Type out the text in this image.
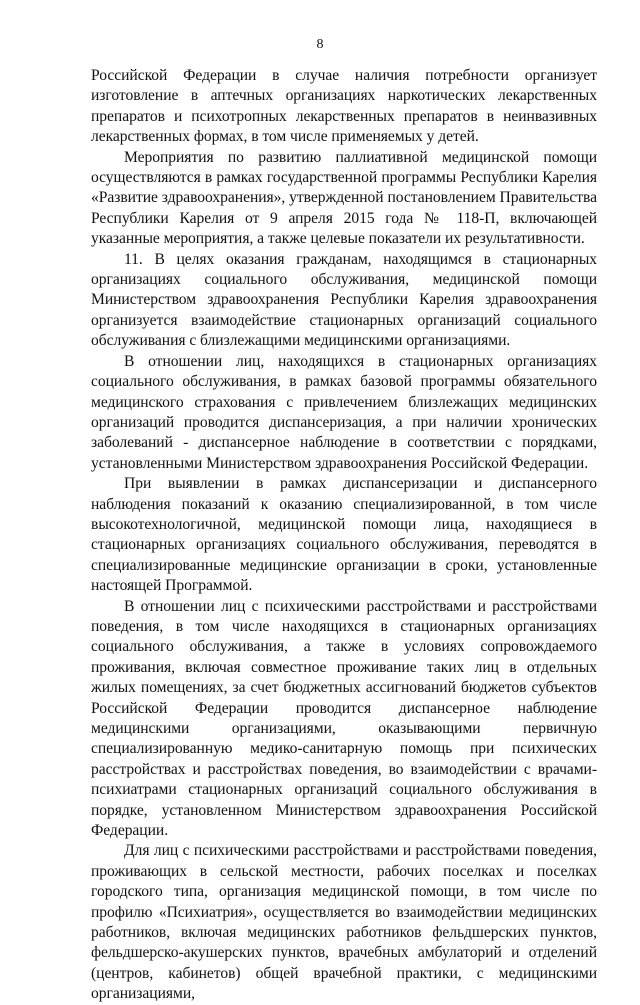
8

Российской Федерации в случае наличия потребности организует изготовление в аптечных организациях наркотических лекарственных препаратов и психотропных лекарственных препаратов в неинвазивных лекарственных формах, в том числе применяемых у детей.

Мероприятия по развитию паллиативной медицинской помощи осуществляются в рамках государственной программы Республики Карелия «Развитие здравоохранения», утвержденной постановлением Правительства Республики Карелия от 9 апреля 2015 года № 118-П, включающей указанные мероприятия, а также целевые показатели их результативности.

11. В целях оказания гражданам, находящимся в стационарных организациях социального обслуживания, медицинской помощи Министерством здравоохранения Республики Карелия здравоохранения организуется взаимодействие стационарных организаций социального обслуживания с близлежащими медицинскими организациями.

В отношении лиц, находящихся в стационарных организациях социального обслуживания, в рамках базовой программы обязательного медицинского страхования с привлечением близлежащих медицинских организаций проводится диспансеризация, а при наличии хронических заболеваний - диспансерное наблюдение в соответствии с порядками, установленными Министерством здравоохранения Российской Федерации.

При выявлении в рамках диспансеризации и диспансерного наблюдения показаний к оказанию специализированной, в том числе высокотехнологичной, медицинской помощи лица, находящиеся в стационарных организациях социального обслуживания, переводятся в специализированные медицинские организации в сроки, установленные настоящей Программой.

В отношении лиц с психическими расстройствами и расстройствами поведения, в том числе находящихся в стационарных организациях социального обслуживания, а также в условиях сопровождаемого проживания, включая совместное проживание таких лиц в отдельных жилых помещениях, за счет бюджетных ассигнований бюджетов субъектов Российской Федерации проводится диспансерное наблюдение медицинскими организациями, оказывающими первичную специализированную медико-санитарную помощь при психических расстройствах и расстройствах поведения, во взаимодействии с врачами-психиатрами стационарных организаций социального обслуживания в порядке, установленном Министерством здравоохранения Российской Федерации.

Для лиц с психическими расстройствами и расстройствами поведения, проживающих в сельской местности, рабочих поселках и поселках городского типа, организация медицинской помощи, в том числе по профилю «Психиатрия», осуществляется во взаимодействии медицинских работников, включая медицинских работников фельдшерских пунктов, фельдшерско-акушерских пунктов, врачебных амбулаторий и отделений (центров, кабинетов) общей врачебной практики, с медицинскими организациями,
